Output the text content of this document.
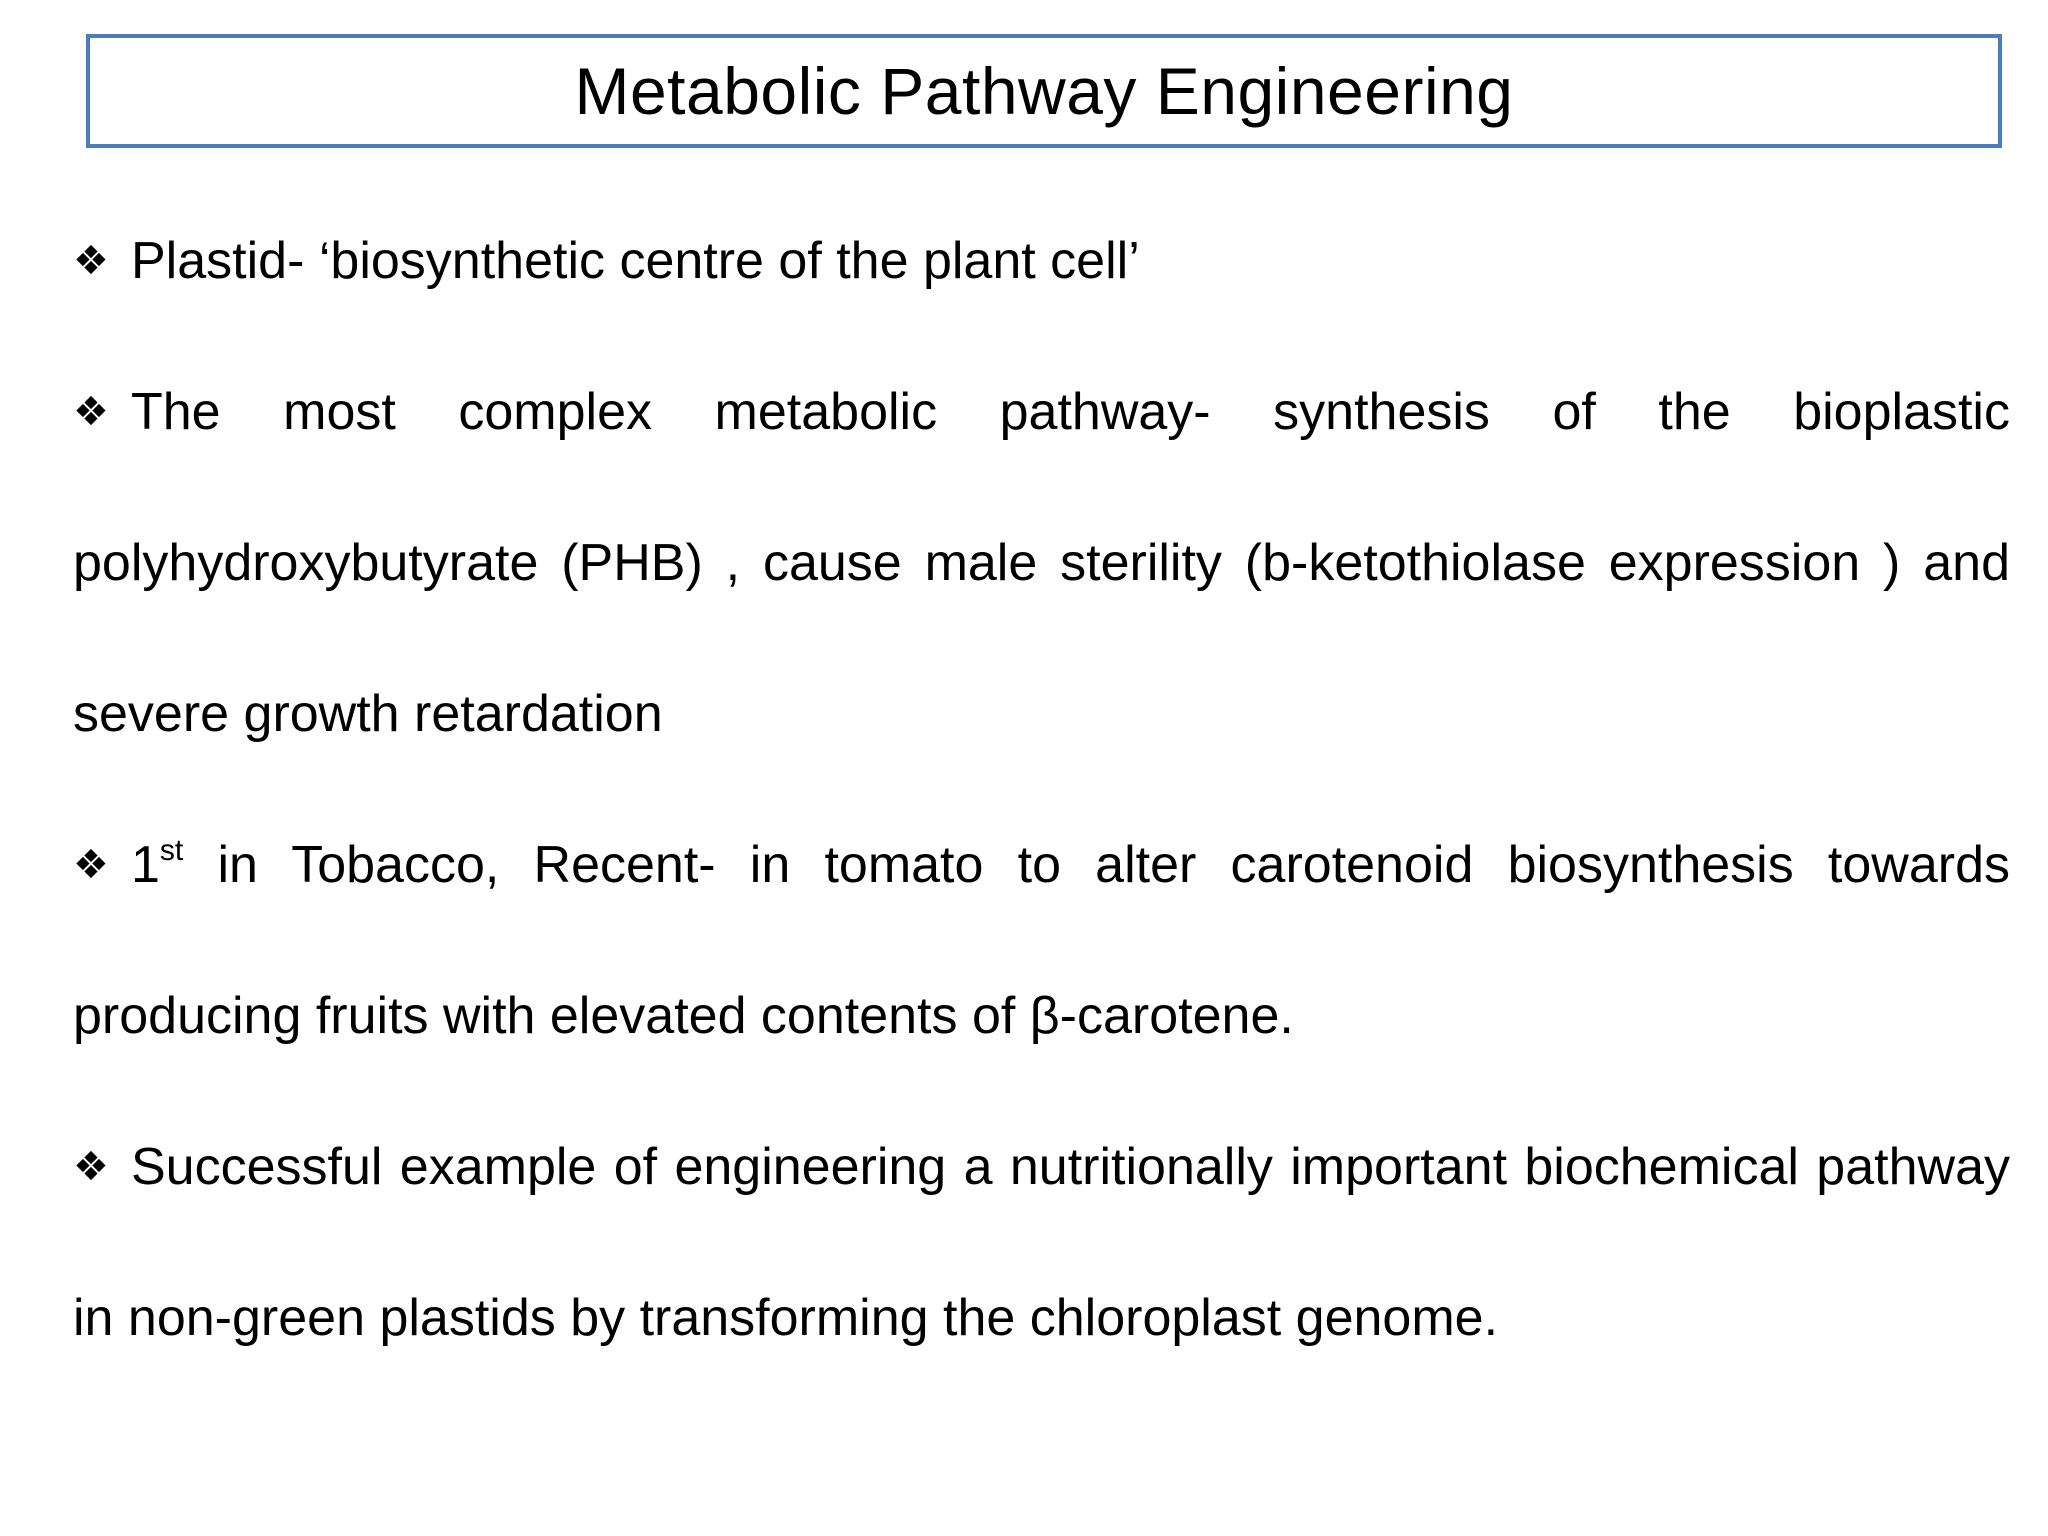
Metabolic Pathway Engineering

❖ Plastid- ‘biosynthetic centre of the plant cell’

❖ The most complex metabolic pathway- synthesis of the bioplastic polyhydroxybutyrate (PHB) , cause male sterility (b-ketothiolase expression ) and severe growth retardation

❖ 1st in Tobacco, Recent- in tomato to alter carotenoid biosynthesis towards producing fruits with elevated contents of β-carotene.

❖ Successful example of engineering a nutritionally important biochemical pathway in non-green plastids by transforming the chloroplast genome.
